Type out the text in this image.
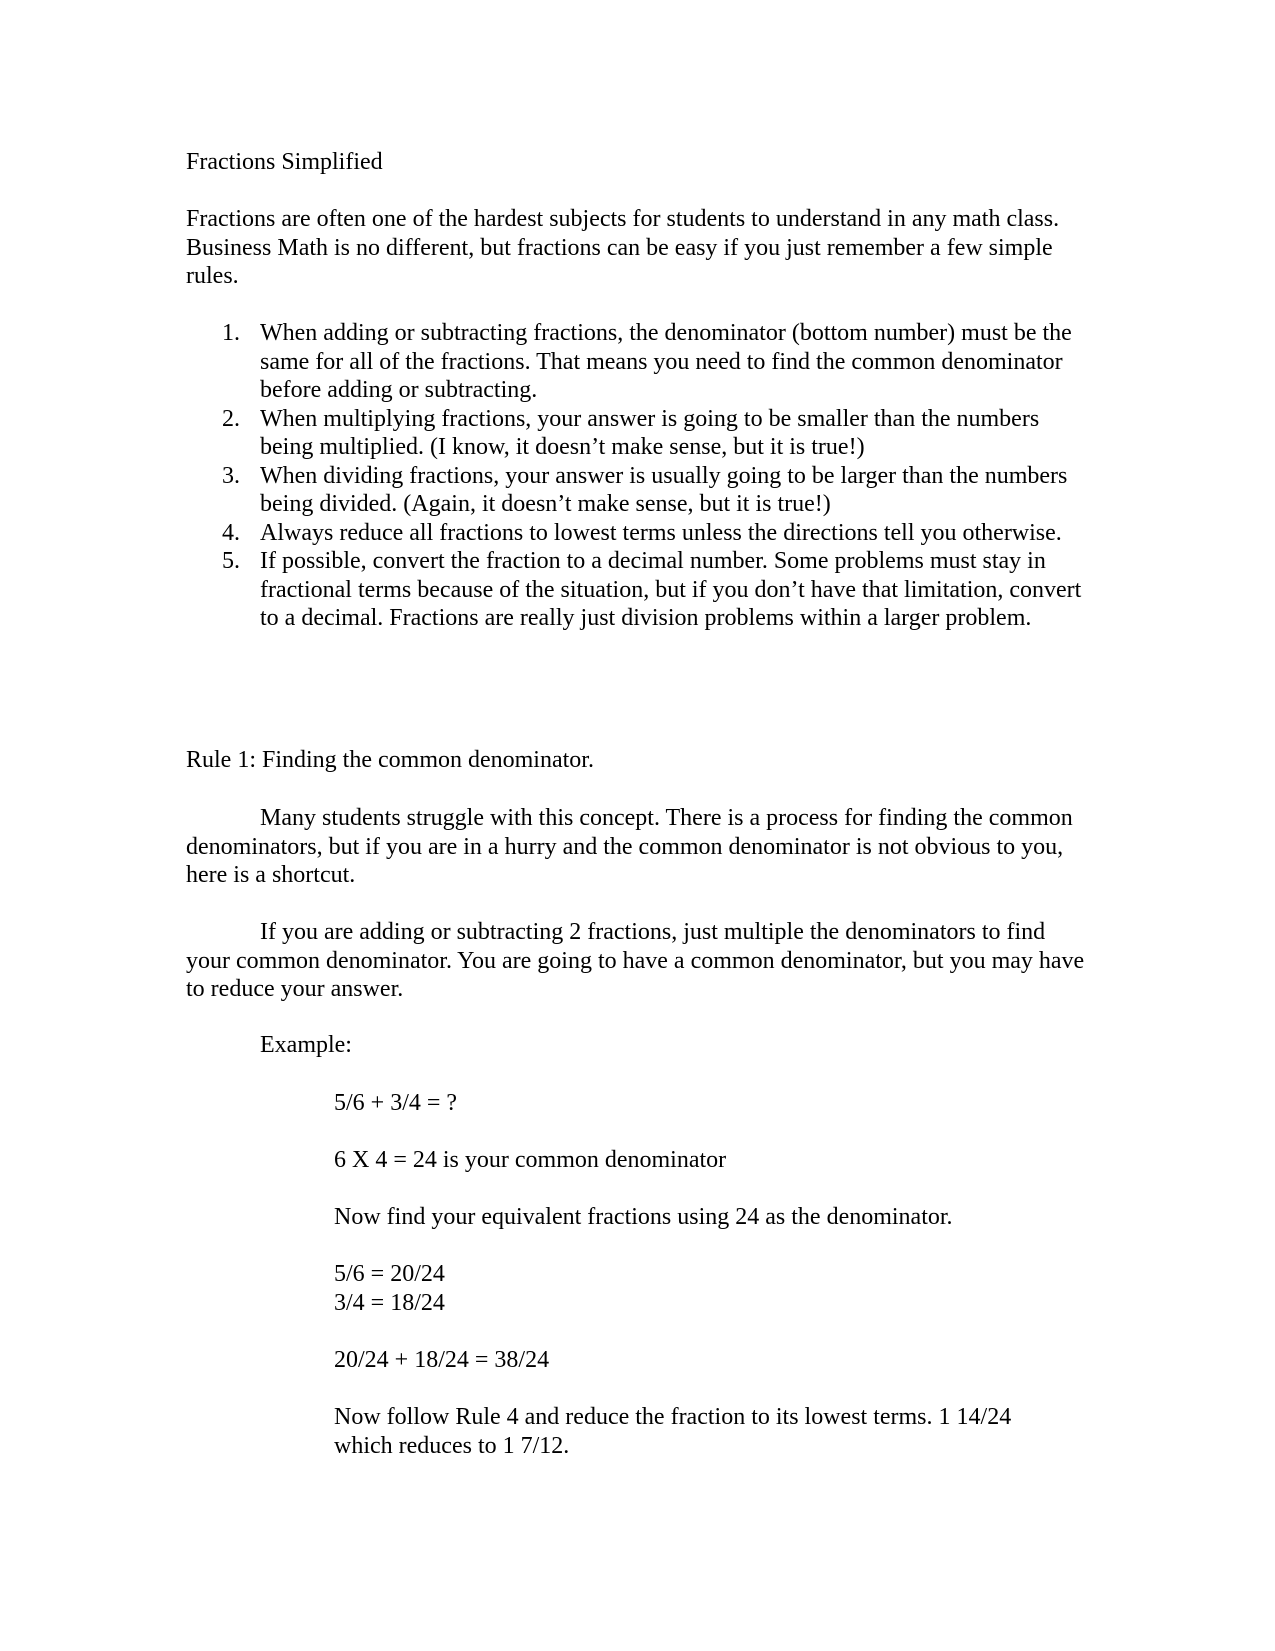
Fractions Simplified

Fractions are often one of the hardest subjects for students to understand in any math class. Business Math is no different, but fractions can be easy if you just remember a few simple rules.

1. When adding or subtracting fractions, the denominator (bottom number) must be the same for all of the fractions. That means you need to find the common denominator before adding or subtracting.
2. When multiplying fractions, your answer is going to be smaller than the numbers being multiplied. (I know, it doesn’t make sense, but it is true!)
3. When dividing fractions, your answer is usually going to be larger than the numbers being divided. (Again, it doesn’t make sense, but it is true!)
4. Always reduce all fractions to lowest terms unless the directions tell you otherwise.
5. If possible, convert the fraction to a decimal number. Some problems must stay in fractional terms because of the situation, but if you don’t have that limitation, convert to a decimal. Fractions are really just division problems within a larger problem.

Rule 1: Finding the common denominator.

Many students struggle with this concept. There is a process for finding the common denominators, but if you are in a hurry and the common denominator is not obvious to you, here is a shortcut.

If you are adding or subtracting 2 fractions, just multiple the denominators to find your common denominator. You are going to have a common denominator, but you may have to reduce your answer.

Example:

5/6 + 3/4 = ?

6 X 4 = 24 is your common denominator

Now find your equivalent fractions using 24 as the denominator.

5/6 = 20/24

3/4 = 18/24

20/24 + 18/24 = 38/24

Now follow Rule 4 and reduce the fraction to its lowest terms. 1 14/24 which reduces to 1 7/12.
